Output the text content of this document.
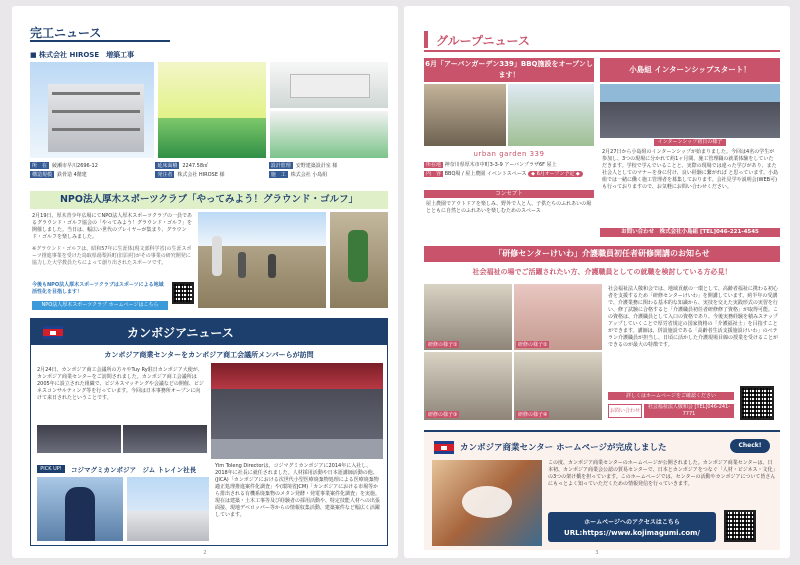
完工ニュース
■ 株式会社 HIROSE　増築工事
所　在 綾瀬市早川2696-12	延床面積 2247.58㎡	設計監理 安野建築設計室 様
構造規模 鉄骨造 4階建	発注者 株式会社 HIROSE 様	施　工 株式会社 小島組
NPO法人厚木スポーツクラブ「やってみよう！グラウンド・ゴルフ」
2月19日、厚木青少年広場にてNPO法人厚木スポーツクラブの一員であるグラウンド・ゴルフ協会の「やってみよう！グラウンド・ゴルフ」を開催しました。当日は、幅広い世代のプレイヤーが集まり、グラウンド・ゴルフを楽しみました。
※グラウンド・ゴルフは、昭和57年に生涯体(現文部科学省)の生涯スポーツ推進事業を受けた鳥取県湯梨浜町(旧泊村)がその事業の研究開発に協力した大学教員たちによって創り出されたスポーツです。
今後もNPO法人厚木スポーツクラブはスポーツによる地域活性化を目指します！
NPO法人厚木スポーツクラブ ホームページはこちら
カンボジアニュース
カンボジア商業センターをカンボジア商工会議所メンバーらが訪問
2月24日、カンボジア商工会議所の方々やTuy Ry駐日カンボジア大使が、カンボジア商業センターをご訪問されました。カンボジア商工会議所は2005年に設立された組織で、ビジネスマッチングや会議などの開催、ビジネスコンサルティング等を行っています。今回は日本事務所オープンに向けて来日されたということです。
PICK UP!	コジマグミカンボジア　ジム トレイン社長	Yim Toleng Directorは、コジマグミカンボジアに2014年に入社し、2018年に社長に就任されました。人材採用活動や日本語講師活動の他、(JICA)「カンボジアにおける次世代小型医療廃棄物処理による医療廃棄物適正処理推進案件化調査」や(環境省JCM)「カンボジアにおける市場等から排出される有機系廃棄物のメタン発酵・発電事業案件化調査」を実施。現在は建築・土木工事等及び経験者の採用活動や、特定技能人材への出張面接、現地デベロッパー等からの情報収集活動、建築案件など幅広く活躍しています。
2
グループニュース
6月「アーバンガーデン339」BBQ施設をオープンします！
urban garden 339
所在地 神奈川県厚木市中町3-3-9 アーバンプラザ6F 屋上
内　容 BBQ場 / 屋上農園 イベントスペース ◆ 6月オープン予定 ◆
コンセプト
屋上農園でアウトドアを楽しみ、野外で人と人、子供たちのふれあいの場とともに自然とのふれあいを楽しむためのスペース
小島組 インターンシップスタート！
インターンシップ初日の様子
2月27日から小島組のインターンシップが始まりました。今回は4名の学生が参加し、3つの現場に分かれて約1ヶ月間、施工管理職の就業体験をしていただきます。学校で学んでいることと、実際の現場では違った学びがあり、また社会人としてのマナーを身に付け、良い経験に繋がれば と思っています。小島組では一緒に働く施工管理者を募集しております。会社見学や説明会(WEB可)も行っておりますので、お気軽にお問い合わせください。
お問い合わせ　株式会社小島組 [TEL]046-221-4545
「研修センターけいわ」介護職員初任者研修開講のお知らせ
社会福祉の場でご活躍されたい方、介護職員としての就職を検討している方必見！
研修の様子①	研修の様子②
研修の様子③	研修の様子④
社会福祉法人敬和会では、地域貢献の一環として、高齢者福祉に携わる初心者を支援するため「研修センターけいわ」を開講しています。約半年の受講で、介護業務に関わる基本的な知識から、実技を交えた実践形式の実習を行い、修了試験に合格すると「介護職員初任者研修修了資格」が取得可能。この資格は、介護職員として入口の資格であり、今後実務経験を積みステップアップしていくことで厚労省規定の国家資格の「介護福祉士」を目指すことができます。講師は、併設施設である「高齢者生活支援施設けいわ」のベテラン介護職員が担当し、日頃に活かした介護現場目線の授業を受けることができるのが最大の特徴です。
詳しくはホームページをご確認ください
お問い合わせ
社会福祉法人敬和会 [TEL]046-241-7771
カンボジア商業センター ホームページが完成しました	Check!
この度、カンボジア商業センターのホームページが公開されました。カンボジア商業センターは、日本初、カンボジア商業会公認の貿易センターで、日本とカンボジアをつなぐ「人材・ビジネス・文化」の3つの架け橋を担っています。このホームページでは、センターの活動やカンボジアについて皆さんにもっとよく知っていただくための情報発信を行っていきます。
ホームページへのアクセスはこちら
URL:https://www.kojimagumi.com/
3
